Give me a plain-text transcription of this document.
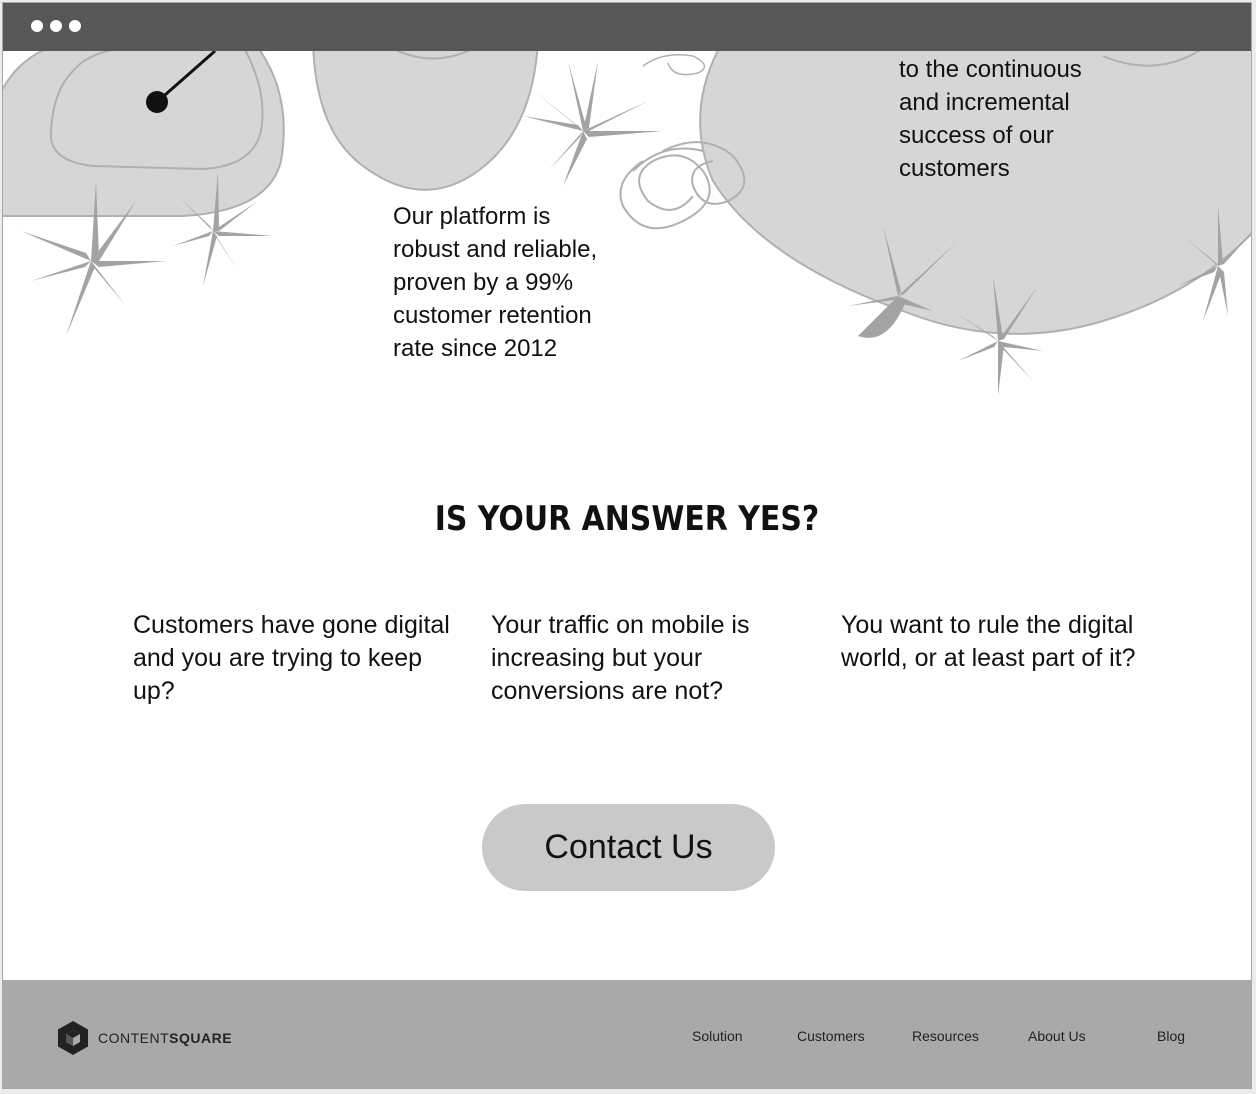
to the continuous
and incremental
success of our
customers
Our platform is
robust and reliable,
proven by a 99%
customer retention
rate since 2012
IS YOUR ANSWER YES?
Customers have gone digital and you are trying to keep up?
Your traffic on mobile is increasing but your conversions are not?
You want to rule the digital world, or at least part of it?
Contact Us
CONTENTSQUARE	Solution	Customers	Resources	About Us	Blog
